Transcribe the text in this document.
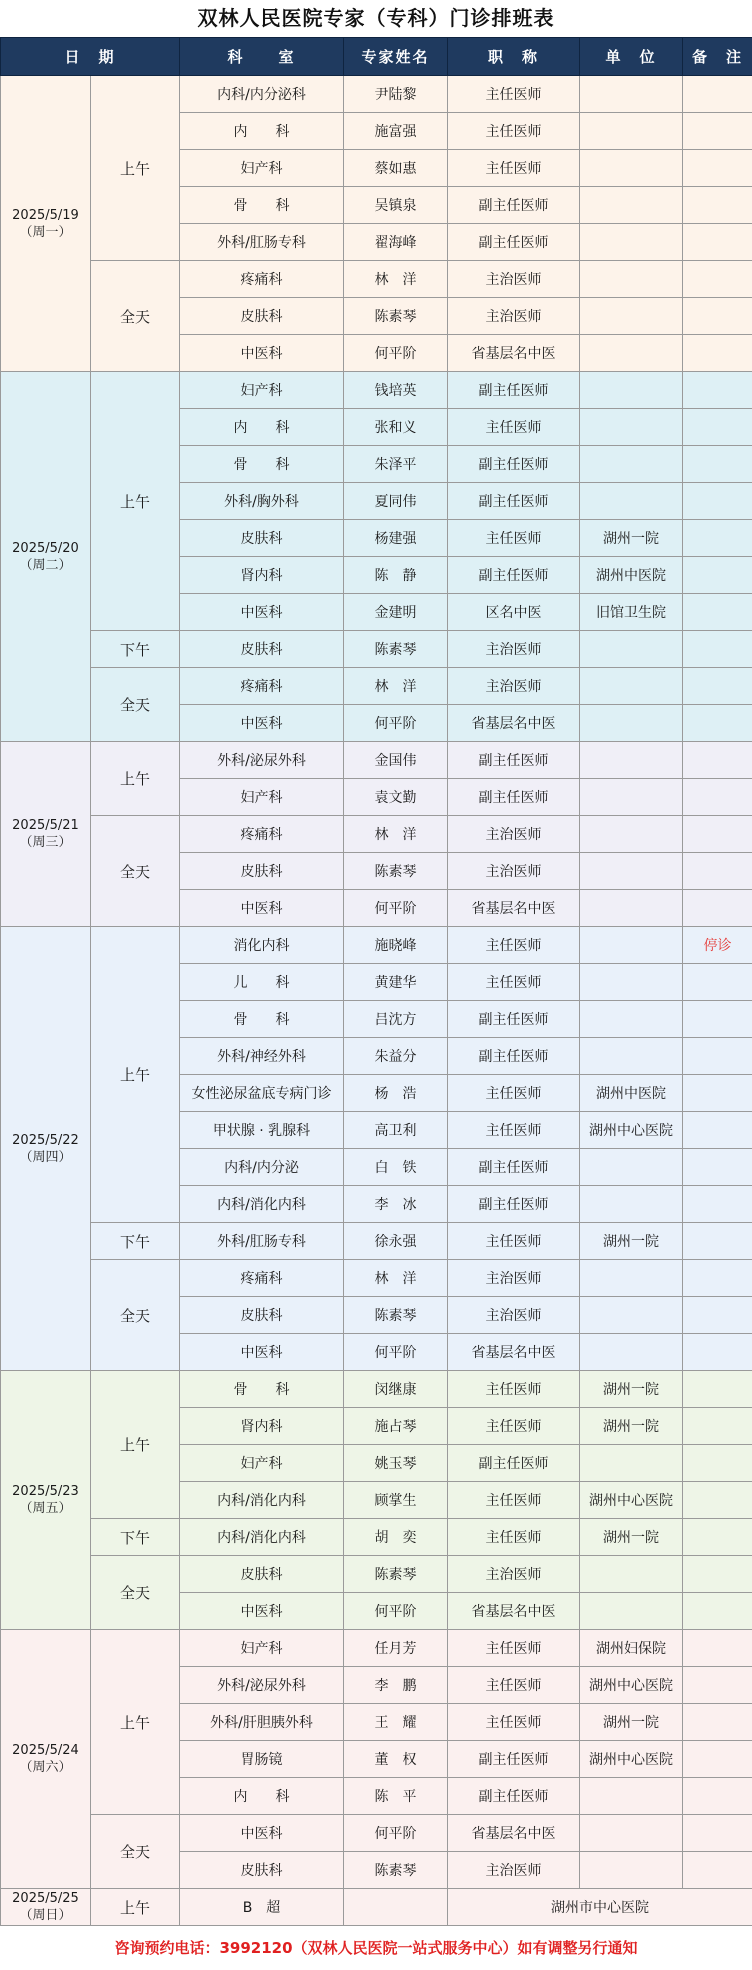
双林人民医院专家（专科）门诊排班表
日　期		科　　室	专家姓名	职　称	单　位	备　注	

2025/5/19
（周一）	上午	内科/内分泌科	尹陆黎	主任医师			
		内　　科	施富强	主任医师			
		妇产科	蔡如惠	主任医师			
		骨　　科	吴镇泉	副主任医师			
		外科/肛肠专科	翟海峰	副主任医师			
	全天	疼痛科	林　洋	主治医师			
		皮肤科	陈素琴	主治医师			
		中医科	何平阶	省基层名中医			

2025/5/20
（周二）	上午	妇产科	钱培英	副主任医师			
		内　　科	张和义	主任医师			
		骨　　科	朱泽平	副主任医师			
		外科/胸外科	夏同伟	副主任医师			
		皮肤科	杨建强	主任医师	湖州一院		
		肾内科	陈　静	副主任医师	湖州中医院		
		中医科	金建明	区名中医	旧馆卫生院		
	下午	皮肤科	陈素琴	主治医师			
	全天	疼痛科	林　洋	主治医师			
		中医科	何平阶	省基层名中医			

2025/5/21
（周三）	上午	外科/泌尿外科	金国伟	副主任医师			
		妇产科	袁文勤	副主任医师			
	全天	疼痛科	林　洋	主治医师			
		皮肤科	陈素琴	主治医师			
		中医科	何平阶	省基层名中医			

2025/5/22
（周四）	上午	消化内科	施晓峰	主任医师		停诊	
		儿　　科	黄建华	主任医师			
		骨　　科	吕沈方	副主任医师			
		外科/神经外科	朱益分	副主任医师			
		女性泌尿盆底专病门诊	杨　浩	主任医师	湖州中医院		
		甲状腺 · 乳腺科	高卫利	主任医师	湖州中心医院		
		内科/内分泌	白　铁	副主任医师			
		内科/消化内科	李　冰	副主任医师			
	下午	外科/肛肠专科	徐永强	主任医师	湖州一院		
	全天	疼痛科	林　洋	主治医师			
		皮肤科	陈素琴	主治医师			
		中医科	何平阶	省基层名中医			

2025/5/23
（周五）	上午	骨　　科	闵继康	主任医师	湖州一院		
		肾内科	施占琴	主任医师	湖州一院		
		妇产科	姚玉琴	副主任医师			
		内科/消化内科	顾掌生	主任医师	湖州中心医院		
	下午	内科/消化内科	胡　奕	主任医师	湖州一院		
	全天	皮肤科	陈素琴	主治医师			
		中医科	何平阶	省基层名中医			

2025/5/24
（周六）	上午	妇产科	任月芳	主任医师	湖州妇保院		
		外科/泌尿外科	李　鹏	主任医师	湖州中心医院		
		外科/肝胆胰外科	王　耀	主任医师	湖州一院		
		胃肠镜	董　权	副主任医师	湖州中心医院		
		内　　科	陈　平	副主任医师			
	全天	中医科	何平阶	省基层名中医			
		皮肤科	陈素琴	主治医师			

2025/5/25
（周日）	上午	B　超		湖州市中心医院			
咨询预约电话：3992120（双林人民医院一站式服务中心）如有调整另行通知
